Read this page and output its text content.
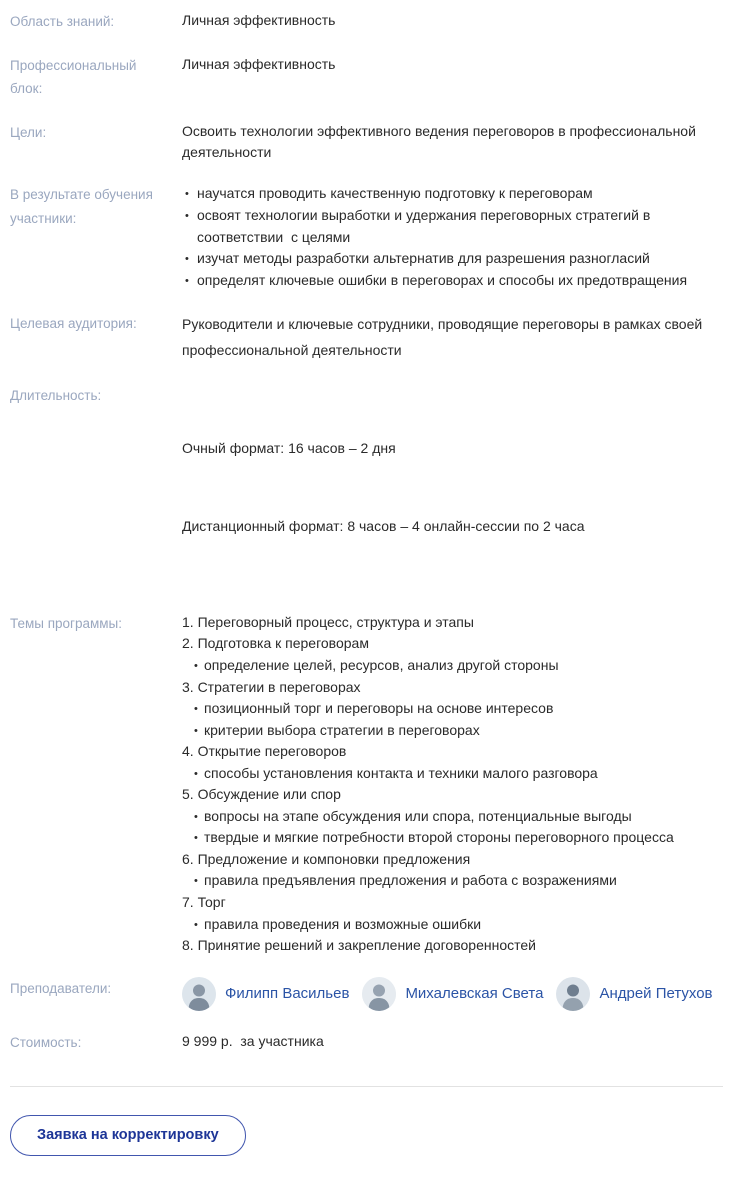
Область знаний:	Личная эффективность
Профессиональный блок:
Личная эффективность
Цели:	Освоить технологии эффективного ведения переговоров в профессиональной деятельности
В результате обучения участники:
• научатся проводить качественную подготовку к переговорам
• освоят технологии выработки и удержания переговорных стратегий в соответствии  с целями
• изучат методы разработки альтернатив для разрешения разногласий
• определят ключевые ошибки в переговорах и способы их предотвращения
Целевая аудитория:	Руководители и ключевые сотрудники, проводящие переговоры в рамках своей профессиональной деятельности
Длительность:

Очный формат: 16 часов – 2 дня

Дистанционный формат: 8 часов – 4 онлайн-сессии по 2 часа

Темы программы:	1. Переговорный процесс, структура и этапы
2. Подготовка к переговорам
• определение целей, ресурсов, анализ другой стороны
3. Стратегии в переговорах
• позиционный торг и переговоры на основе интересов
• критерии выбора стратегии в переговорах
4. Открытие переговоров
• способы установления контакта и техники малого разговора
5. Обсуждение или спор
• вопросы на этапе обсуждения или спора, потенциальные выгоды
• твердые и мягкие потребности второй стороны переговорного процесса
6. Предложение и компоновки предложения
• правила предъявления предложения и работа с возражениями
7. Торг
• правила проведения и возможные ошибки
8. Принятие решений и закрепление договоренностей
Преподаватели:	Филипп Васильев	Михалевская Света	Андрей Петухов
Стоимость:	9 999 р.  за участника
Заявка на корректировку
